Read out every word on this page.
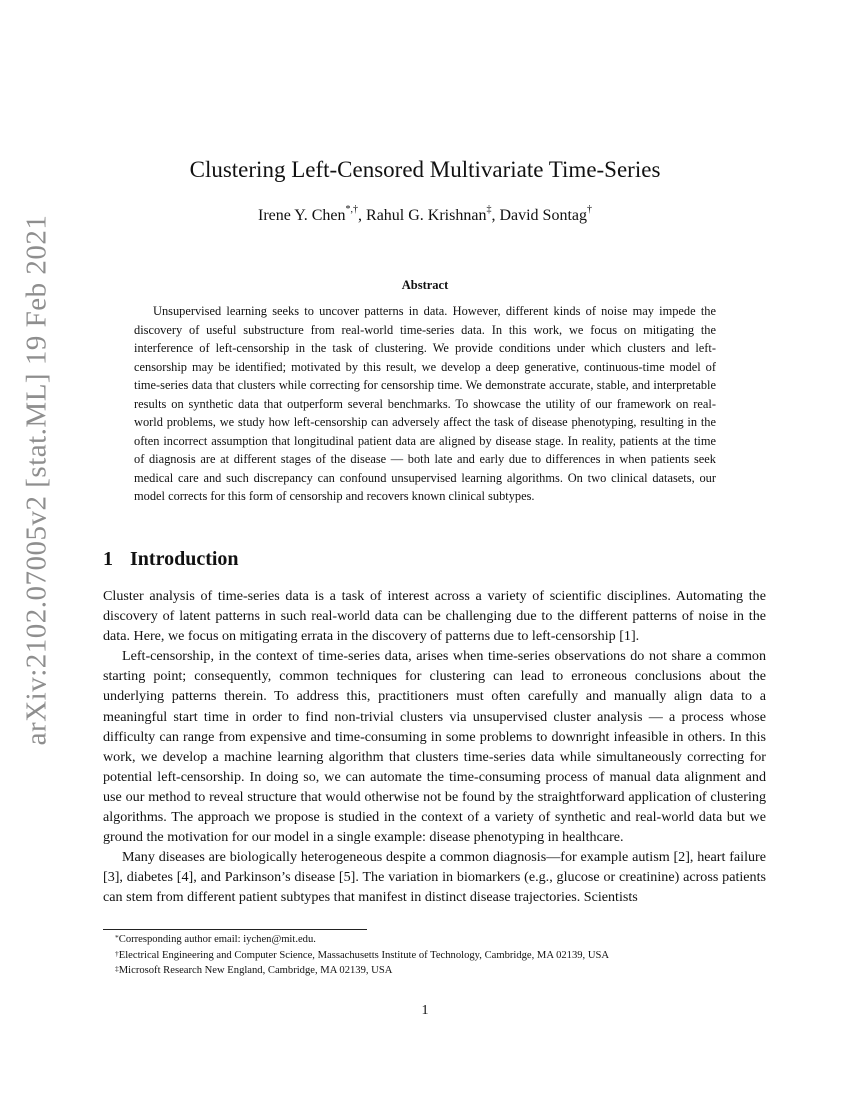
arXiv:2102.07005v2 [stat.ML] 19 Feb 2021
Clustering Left-Censored Multivariate Time-Series
Irene Y. Chen*,†, Rahul G. Krishnan‡, David Sontag†
Abstract

Unsupervised learning seeks to uncover patterns in data. However, different kinds of noise may impede the discovery of useful substructure from real-world time-series data. In this work, we focus on mitigating the interference of left-censorship in the task of clustering. We provide conditions under which clusters and left-censorship may be identified; motivated by this result, we develop a deep generative, continuous-time model of time-series data that clusters while correcting for censorship time. We demonstrate accurate, stable, and interpretable results on synthetic data that outperform several benchmarks. To showcase the utility of our framework on real-world problems, we study how left-censorship can adversely affect the task of disease phenotyping, resulting in the often incorrect assumption that longitudinal patient data are aligned by disease stage. In reality, patients at the time of diagnosis are at different stages of the disease — both late and early due to differences in when patients seek medical care and such discrepancy can confound unsupervised learning algorithms. On two clinical datasets, our model corrects for this form of censorship and recovers known clinical subtypes.

1 Introduction

Cluster analysis of time-series data is a task of interest across a variety of scientific disciplines. Automating the discovery of latent patterns in such real-world data can be challenging due to the different patterns of noise in the data. Here, we focus on mitigating errata in the discovery of patterns due to left-censorship [1].

Left-censorship, in the context of time-series data, arises when time-series observations do not share a common starting point; consequently, common techniques for clustering can lead to erroneous conclusions about the underlying patterns therein. To address this, practitioners must often carefully and manually align data to a meaningful start time in order to find non-trivial clusters via unsupervised cluster analysis — a process whose difficulty can range from expensive and time-consuming in some problems to downright infeasible in others. In this work, we develop a machine learning algorithm that clusters time-series data while simultaneously correcting for potential left-censorship. In doing so, we can automate the time-consuming process of manual data alignment and use our method to reveal structure that would otherwise not be found by the straightforward application of clustering algorithms. The approach we propose is studied in the context of a variety of synthetic and real-world data but we ground the motivation for our model in a single example: disease phenotyping in healthcare.

Many diseases are biologically heterogeneous despite a common diagnosis—for example autism [2], heart failure [3], diabetes [4], and Parkinson’s disease [5]. The variation in biomarkers (e.g., glucose or creatinine) across patients can stem from different patient subtypes that manifest in distinct disease trajectories. Scientists

*Corresponding author email: iychen@mit.edu.
†Electrical Engineering and Computer Science, Massachusetts Institute of Technology, Cambridge, MA 02139, USA
‡Microsoft Research New England, Cambridge, MA 02139, USA
1
